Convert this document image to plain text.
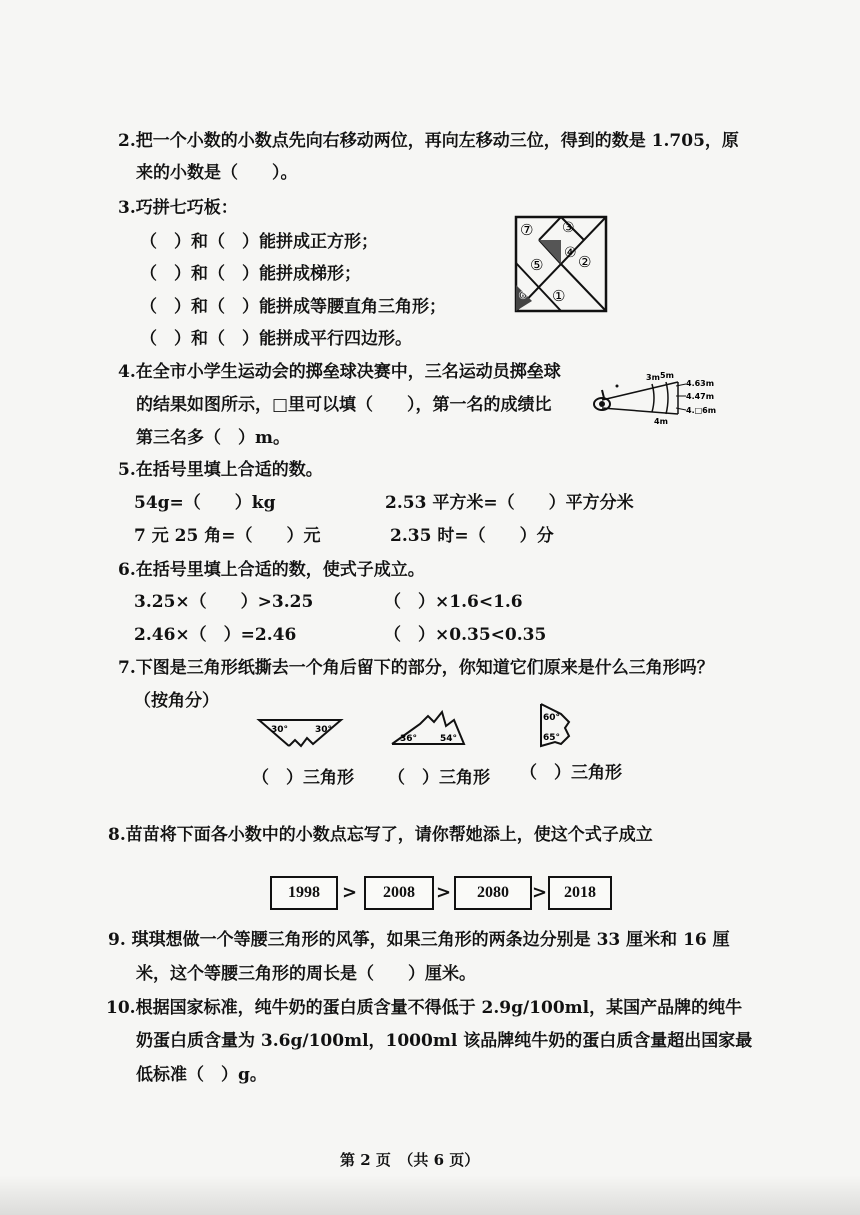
2.把一个小数的小数点先向右移动两位，再向左移动三位，得到的数是 1.705，原
来的小数是（　　）。
3.巧拼七巧板：
（　）和（　）能拼成正方形；
（　）和（　）能拼成梯形；
（　）和（　）能拼成等腰直角三角形；
（　）和（　）能拼成平行四边形。
⑦ ③
④
⑤ ②
⑥ ①
4.在全市小学生运动会的掷垒球决赛中，三名运动员掷垒球
的结果如图所示，□里可以填（　　），第一名的成绩比
第三名多（　）m。
3m 5m
4.63m
4.47m
4.□6m
4m
5.在括号里填上合适的数。
54g=（　　）kg	2.53 平方米=（　　）平方分米
7 元 25 角=（　　）元	2.35 时=（　　）分
6.在括号里填上合适的数，使式子成立。
3.25×（　　）>3.25	（　）×1.6<1.6
2.46×（　）=2.46	（　）×0.35<0.35
7.下图是三角形纸撕去一个角后留下的部分，你知道它们原来是什么三角形吗？
（按角分）
30°	30°
36°	54°
60°
65°
（　）三角形 （　）三角形 （　）三角形
8.苗苗将下面各小数中的小数点忘写了，请你帮她添上，使这个式子成立
1998	>	2008	>	2080	>	2018
9. 琪琪想做一个等腰三角形的风筝，如果三角形的两条边分别是 33 厘米和 16 厘
米，这个等腰三角形的周长是（　　）厘米。
10.根据国家标准，纯牛奶的蛋白质含量不得低于 2.9g/100ml，某国产品牌的纯牛
奶蛋白质含量为 3.6g/100ml，1000ml 该品牌纯牛奶的蛋白质含量超出国家最
低标准（　）g。
第 2 页　（共 6 页）
